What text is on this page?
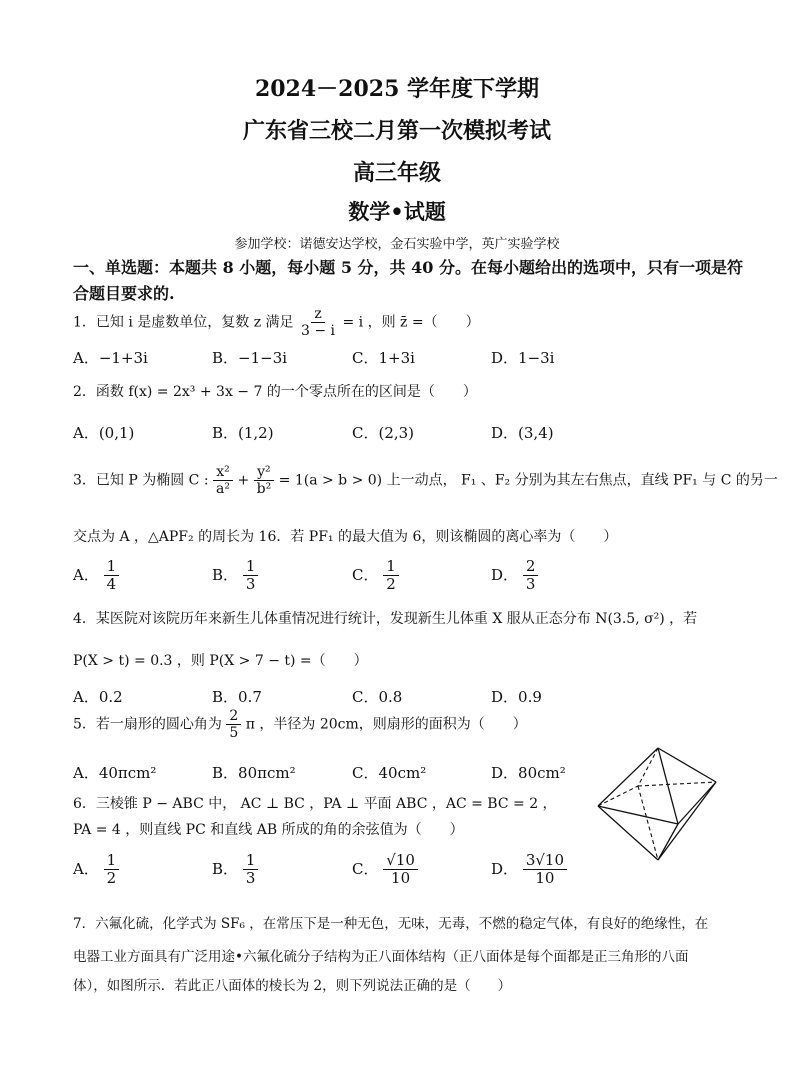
2024－2025 学年度下学期
广东省三校二月第一次模拟考试
高三年级
数学•试题
参加学校：诺德安达学校，金石实验中学，英广实验学校
一、单选题：本题共 8 小题，每小题 5 分，共 40 分。在每小题给出的选项中，只有一项是符
合题目要求的.
1．已知 i 是虚数单位，复数 z 满足 $\frac{z}{3 - i} = i$ ，则 z̄ =（　　）
A．−1+3i	B．−1−3i	C．1+3i	D．1−3i
2．函数 f(x) = 2x³ + 3x − 7 的一个零点所在的区间是（　　）
A．(0,1)	B．(1,2)	C．(2,3)	D．(3,4)
3．已知 P 为椭圆 C : $\frac{\text{x²}}{\text{a²}} + \frac{\text{y²}}{\text{b²}} = 1(a > b > 0)$ 上一动点， F₁ 、F₂ 分别为其左右焦点，直线 PF₁ 与 C 的另一
交点为 A ，△APF₂ 的周长为 16．若 PF₁ 的最大值为 6，则该椭圆的离心率为（　　）
A． $\frac{1}{4}$	B． $\frac{1}{3}$	C． $\frac{1}{2}$	D． $\frac{2}{3}$
4．某医院对该院历年来新生儿体重情况进行统计，发现新生儿体重 X 服从正态分布 N(3.5, σ²) ，若
P(X > t) = 0.3 ，则 P(X > 7 − t) =（　　）
A．0.2	B．0.7	C．0.8	D．0.9
5．若一扇形的圆心角为 $\frac{2}{5}$ π ，半径为 20cm，则扇形的面积为（　　）
A．40πcm²	B．80πcm²	C．40cm²	D．80cm²
6．三棱锥 P − ABC 中， AC ⊥ BC ，PA ⊥ 平面 ABC ，AC = BC = 2 ，
PA = 4 ，则直线 PC 和直线 AB 所成的角的余弦值为（　　）
A． $\frac{1}{2}$	B． $\frac{1}{3}$	C． $\frac{√10}{10}$	D． $\frac{3√10}{10}$
7．六氟化硫，化学式为 SF₆ ，在常压下是一种无色，无味，无毒，不燃的稳定气体，有良好的绝缘性，在
电器工业方面具有广泛用途•六氟化硫分子结构为正八面体结构（正八面体是每个面都是正三角形的八面
体），如图所示．若此正八面体的棱长为 2，则下列说法正确的是（　　）
